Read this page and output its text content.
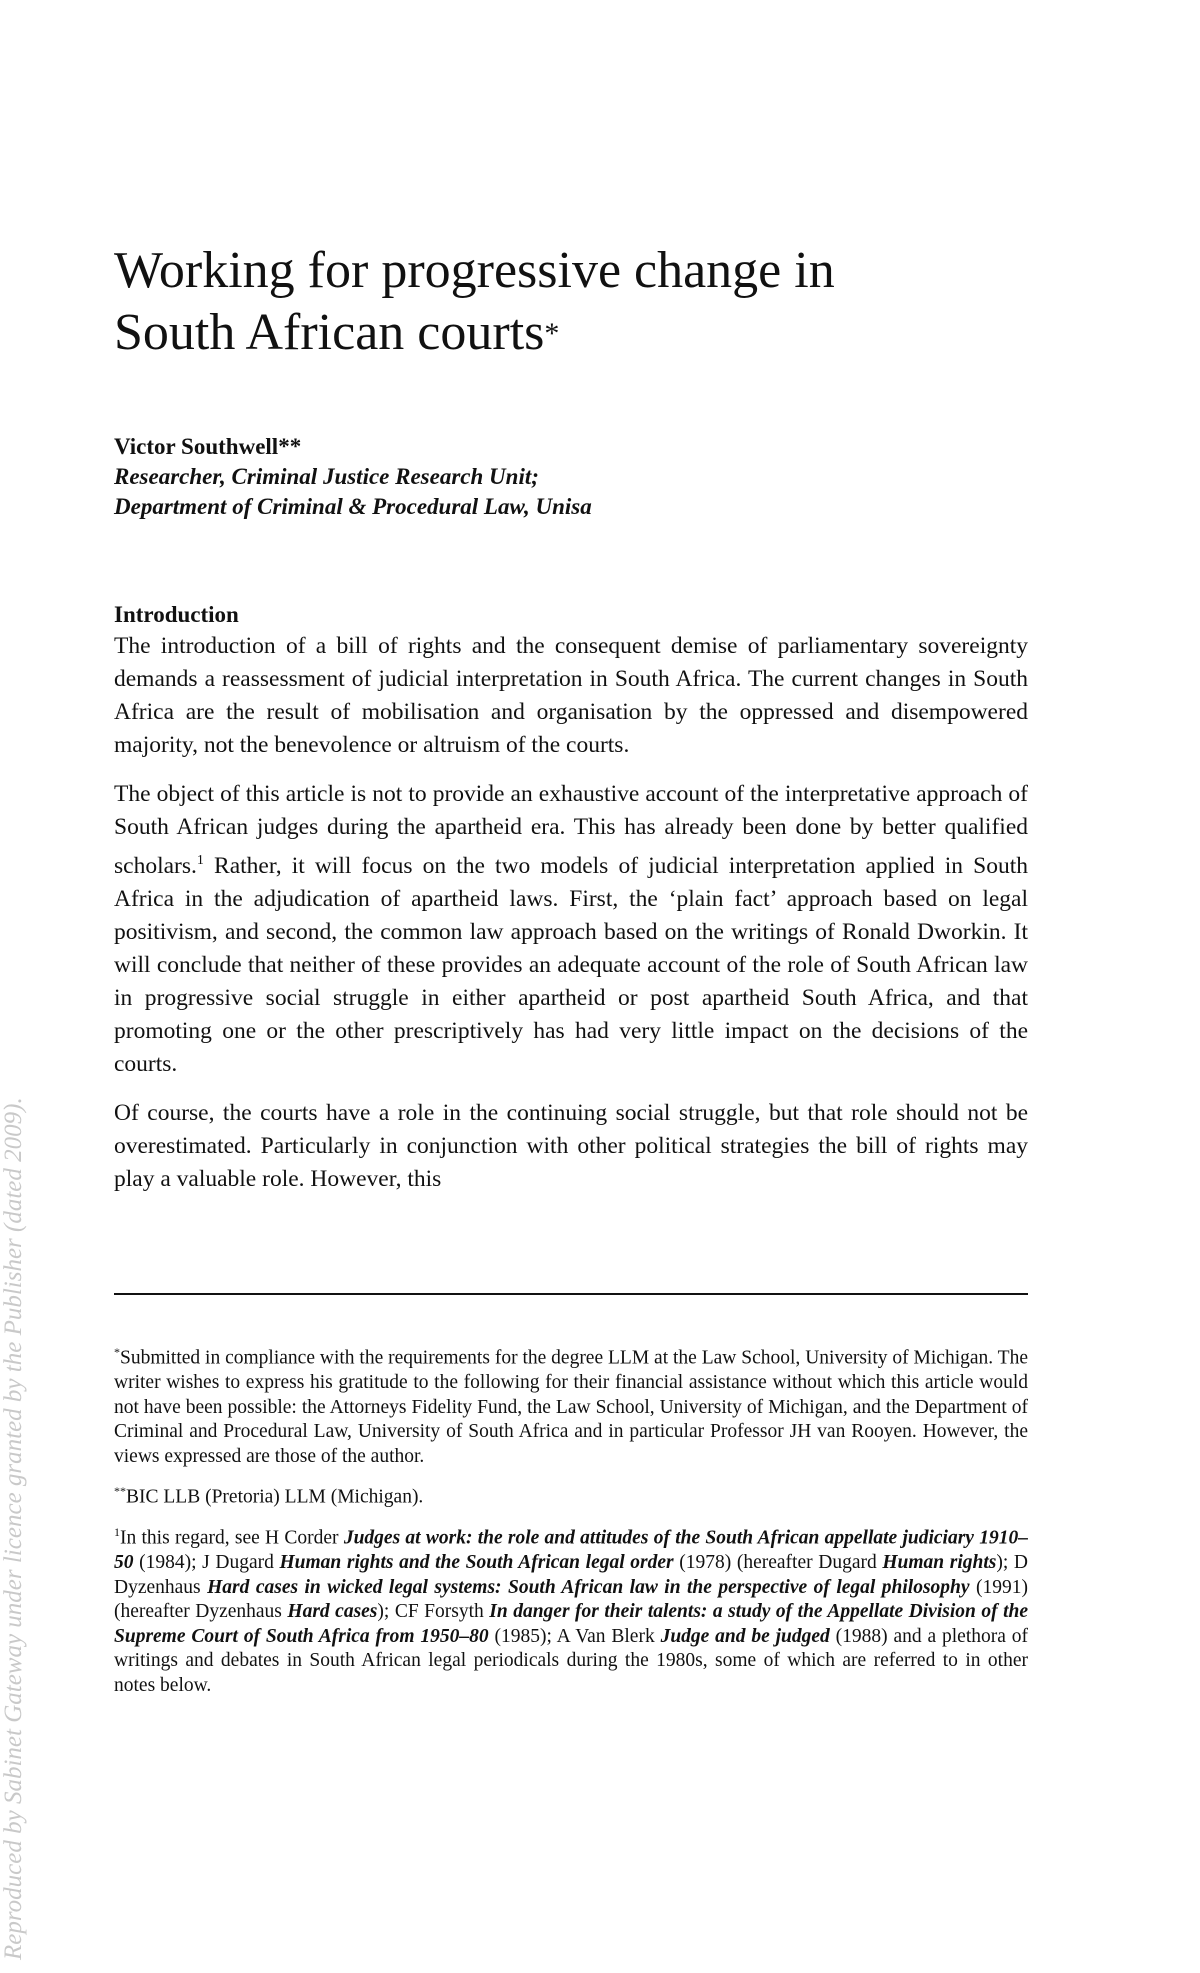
Working for progressive change in
South African courts*
Victor Southwell**
Researcher, Criminal Justice Research Unit;
Department of Criminal & Procedural Law, Unisa
Introduction

The introduction of a bill of rights and the consequent demise of parliamentary sovereignty demands a reassessment of judicial interpretation in South Africa. The current changes in South Africa are the result of mobilisation and organisation by the oppressed and disempowered majority, not the benevolence or altruism of the courts.

The object of this article is not to provide an exhaustive account of the interpretative approach of South African judges during the apartheid era. This has already been done by better qualified scholars.$^1$ Rather, it will focus on the two models of judicial interpretation applied in South Africa in the adjudication of apartheid laws. First, the ‘plain fact’ approach based on legal positivism, and second, the common law approach based on the writings of Ronald Dworkin. It will conclude that neither of these provides an adequate account of the role of South African law in progressive social struggle in either apartheid or post apartheid South Africa, and that promoting one or the other prescriptively has had very little impact on the decisions of the courts.

Of course, the courts have a role in the continuing social struggle, but that role should not be overestimated. Particularly in conjunction with other political strategies the bill of rights may play a valuable role. However, this

*Submitted in compliance with the requirements for the degree LLM at the Law School, University of Michigan. The writer wishes to express his gratitude to the following for their financial assistance without which this article would not have been possible: the Attorneys Fidelity Fund, the Law School, University of Michigan, and the Department of Criminal and Procedural Law, University of South Africa and in particular Professor JH van Rooyen. However, the views expressed are those of the author.

**BIC LLB (Pretoria) LLM (Michigan).

$^1$In this regard, see H Corder Judges at work: the role and attitudes of the South African appellate judiciary 1910–50 (1984); J Dugard Human rights and the South African legal order (1978) (hereafter Dugard Human rights); D Dyzenhaus Hard cases in wicked legal systems: South African law in the perspective of legal philosophy (1991) (hereafter Dyzenhaus Hard cases); CF Forsyth In danger for their talents: a study of the Appellate Division of the Supreme Court of South Africa from 1950–80 (1985); A Van Blerk Judge and be judged (1988) and a plethora of writings and debates in South African legal periodicals during the 1980s, some of which are referred to in other notes below.

Reproduced by Sabinet Gateway under licence granted by the Publisher (dated 2009).
